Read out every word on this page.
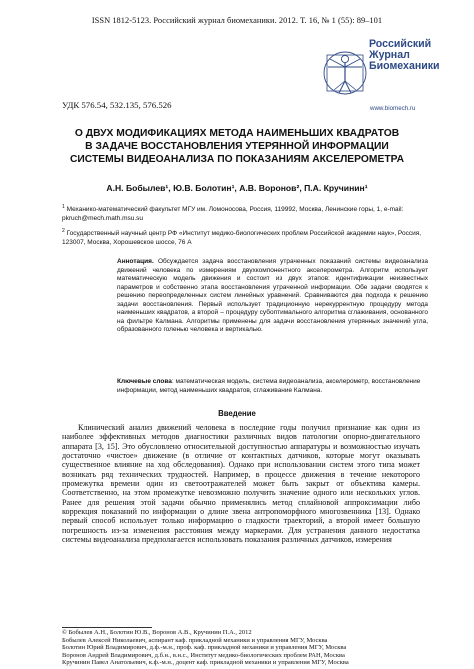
ISSN 1812-5123. Российский журнал биомеханики. 2012. Т. 16, № 1 (55): 89–101
Российский
Журнал
Биомеханики
www.biomech.ru
УДК 576.54, 532.135, 576.526
О ДВУХ МОДИФИКАЦИЯХ МЕТОДА НАИМЕНЬШИХ КВАДРАТОВ
В ЗАДАЧЕ ВОССТАНОВЛЕНИЯ УТЕРЯННОЙ ИНФОРМАЦИИ
СИСТЕМЫ ВИДЕОАНАЛИЗА ПО ПОКАЗАНИЯМ АКСЕЛЕРОМЕТРА
А.Н. Бобылев¹, Ю.В. Болотин¹, А.В. Воронов², П.А. Кручинин¹
$^1$ Механико-математический факультет МГУ им. Ломоносова, Россия, 119992, Москва, Ленинские горы, 1, e-mail: pkruch@mech.math.msu.su
$^2$ Государственный научный центр РФ «Институт медико-биологических проблем Российской академии наук», Россия, 123007, Москва, Хорошевское шоссе, 76 А
Аннотация. Обсуждается задача восстановления утраченных показаний системы видеоанализа движений человека по измерениям двухкомпонентного акселерометра. Алгоритм использует математическую модель движения и состоит из двух этапов: идентификации неизвестных параметров и собственно этапа восстановления утраченной информации. Обе задачи сводятся к решению переопределенных систем линейных уравнений. Сравниваются два подхода к решению задачи восстановления. Первый использует традиционную нерекуррентную процедуру метода наименьших квадратов, а второй – процедуру субоптимального алгоритма сглаживания, основанного на фильтре Калмана. Алгоритмы применены для задачи восстановления утерянных значений угла, образованного голенью человека и вертикалью.
Ключевые слова: математическая модель, система видеоанализа, акселерометр, восстановление информации, метод наименьших квадратов, сглаживание Калмана.
Введение

Клинический анализ движений человека в последние годы получил признание как один из наиболее эффективных методов диагностики различных видов патологии опорно-двигательного аппарата [3, 15]. Это обусловлено относительной доступностью аппаратуры и возможностью изучать достаточно «чистое» движение (в отличие от контактных датчиков, которые могут оказывать существенное влияние на ход обследования). Однако при использовании систем этого типа может возникать ряд технических трудностей. Например, в процессе движения в течение некоторого промежутка времени один из светоотражателей может быть закрыт от объектива камеры. Соответственно, на этом промежутке невозможно получить значение одного или нескольких углов. Ранее для решения этой задачи обычно применялись метод сплайновой аппроксимации либо коррекция показаний по информации о длине звена антропоморфного многозвенника [13]. Однако первый способ использует только информацию о гладкости траекторий, а второй имеет большую погрешность из-за изменения расстояния между маркерами. Для устранения данного недостатка системы видеоанализа предполагается использовать показания различных датчиков, измерения

© Бобылев А.Н., Болотин Ю.В., Воронов А.В., Кручинин П.А., 2012
Бобылев Алексей Николаевич, аспирант каф. прикладной механики и управления МГУ, Москва
Болотин Юрий Владимирович, д.ф.-м.н., проф. каф. прикладной механики и управления МГУ, Москва
Воронов Андрей Владимирович, д.б.н., в.н.с., Институт медико-биологических проблем РАН, Москва
Кручинин Павел Анатольевич, к.ф.-м.н., доцент каф. прикладной механики и управления МГУ, Москва
